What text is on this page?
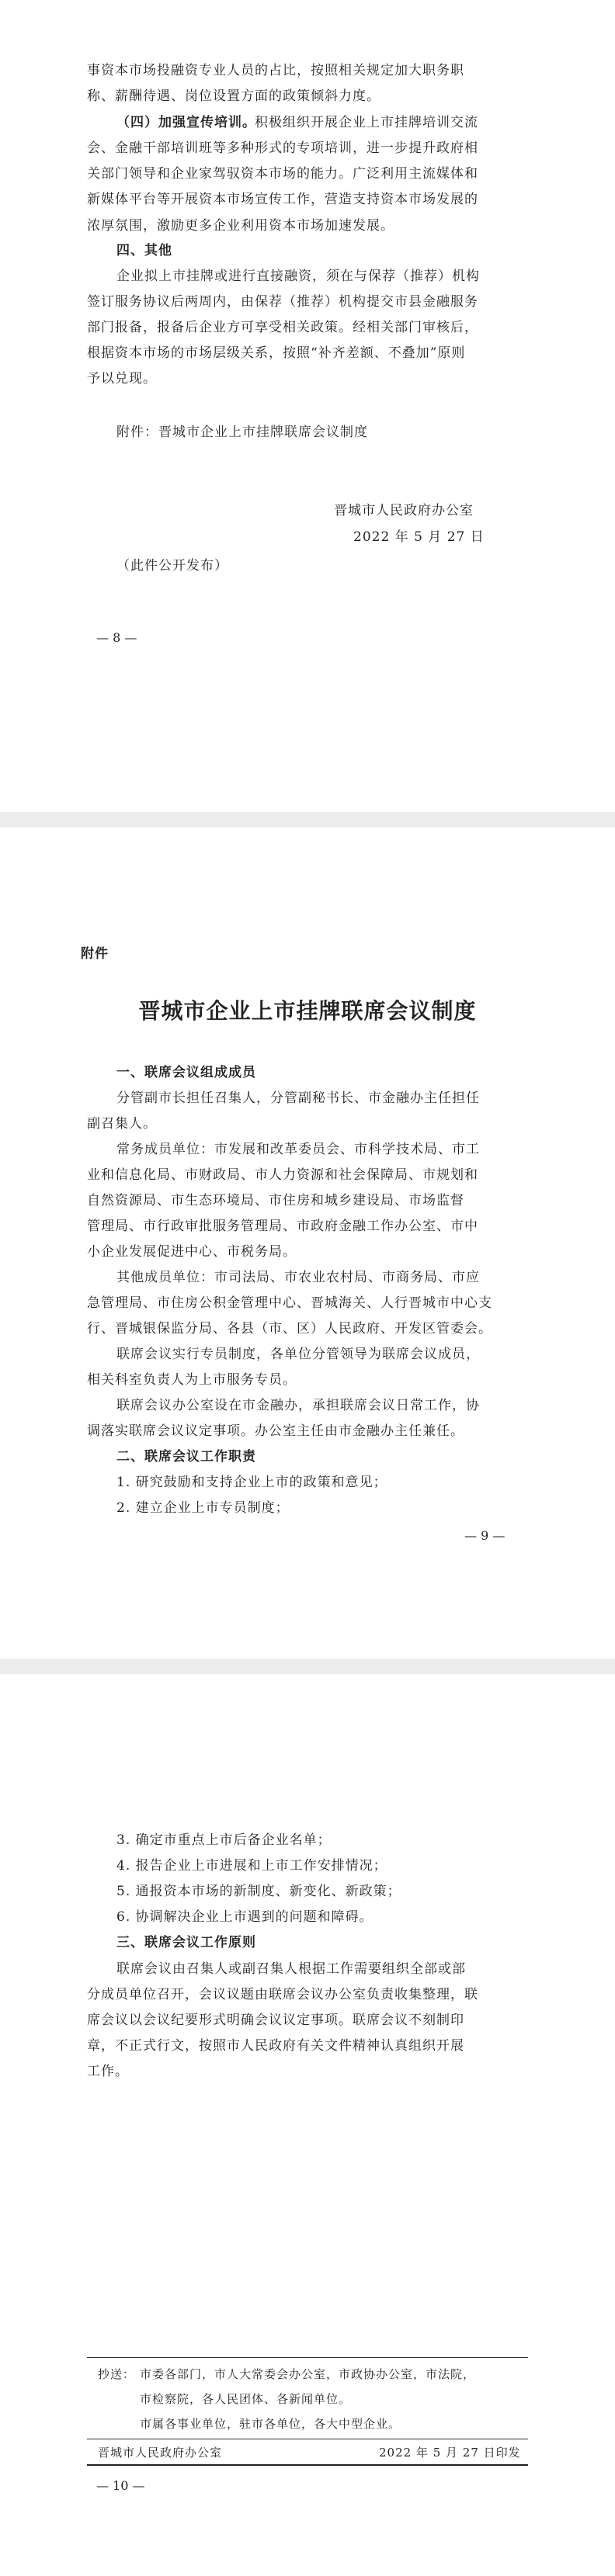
事资本市场投融资专业人员的占比，按照相关规定加大职务职
称、薪酬待遇、岗位设置方面的政策倾斜力度。
（四）加强宣传培训。
积极组织开展企业上市挂牌培训交流
会、金融干部培训班等多种形式的专项培训，进一步提升政府相
关部门领导和企业家驾驭资本市场的能力。广泛利用主流媒体和
新媒体平台等开展资本市场宣传工作，营造支持资本市场发展的
浓厚氛围，激励更多企业利用资本市场加速发展。
四、其他
企业拟上市挂牌或进行直接融资，须在与保荐（推荐）机构
签订服务协议后两周内，由保荐（推荐）机构提交市县金融服务
部门报备，报备后企业方可享受相关政策。经相关部门审核后，
根据资本市场的市场层级关系，按照“补齐差额、不叠加”原则
予以兑现。
附件：晋城市企业上市挂牌联席会议制度
晋城市人民政府办公室
2022 年 5 月 27 日
（此件公开发布）
— 8 —
附件
晋城市企业上市挂牌联席会议制度
一、联席会议组成成员
分管副市长担任召集人，分管副秘书长、市金融办主任担任
副召集人。
常务成员单位：市发展和改革委员会、市科学技术局、市工
业和信息化局、市财政局、市人力资源和社会保障局、市规划和
自然资源局、市生态环境局、市住房和城乡建设局、市场监督
管理局、市行政审批服务管理局、市政府金融工作办公室、市中
小企业发展促进中心、市税务局。
其他成员单位：市司法局、市农业农村局、市商务局、市应
急管理局、市住房公积金管理中心、晋城海关、人行晋城市中心支
行、晋城银保监分局、各县（市、区）人民政府、开发区管委会。
联席会议实行专员制度，各单位分管领导为联席会议成员，
相关科室负责人为上市服务专员。
联席会议办公室设在市金融办，承担联席会议日常工作，协
调落实联席会议议定事项。办公室主任由市金融办主任兼任。
二、联席会议工作职责
1. 研究鼓励和支持企业上市的政策和意见；
2. 建立企业上市专员制度；
— 9 —
3. 确定市重点上市后备企业名单；
4. 报告企业上市进展和上市工作安排情况；
5. 通报资本市场的新制度、新变化、新政策；
6. 协调解决企业上市遇到的问题和障碍。
三、联席会议工作原则
联席会议由召集人或副召集人根据工作需要组织全部或部
分成员单位召开，会议议题由联席会议办公室负责收集整理，联
席会议以会议纪要形式明确会议议定事项。联席会议不刻制印
章，不正式行文，按照市人民政府有关文件精神认真组织开展
工作。
抄送： 市委各部门，市人大常委会办公室，市政协办公室，市法院，
市检察院，各人民团体、各新闻单位。
市属各事业单位，驻市各单位，各大中型企业。
晋城市人民政府办公室	2022 年 5 月 27 日印发
— 10 —
